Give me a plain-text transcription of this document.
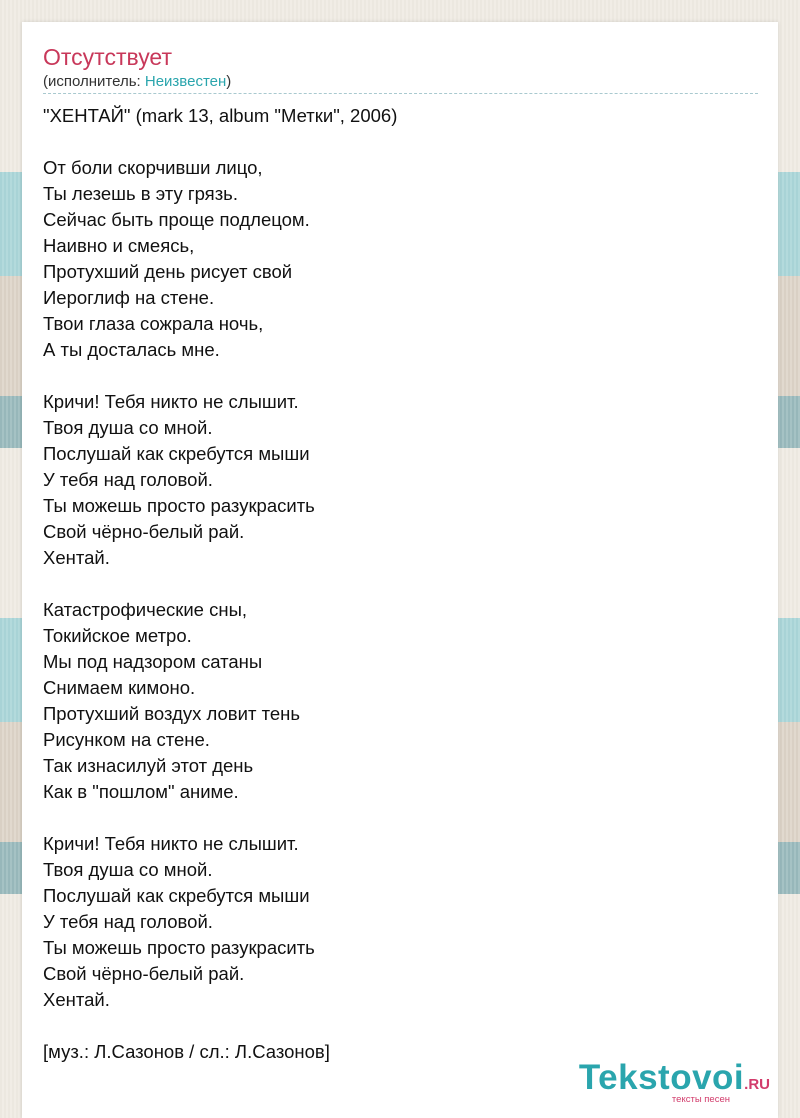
Отсутствует
(исполнитель: Неизвестен)
"ХЕНТАЙ" (mark 13, album "Метки", 2006)
От боли скорчивши лицо,
Ты лезешь в эту грязь.
Сейчас быть проще подлецом.
Наивно и смеясь,
Протухший день рисует свой
Иероглиф на стене.
Твои глаза сожрала ночь,
А ты досталась мне.
Кричи! Тебя никто не слышит.
Твоя душа со мной.
Послушай как скребутся мыши
У тебя над головой.
Ты можешь просто разукрасить
Свой чёрно-белый рай.
Хентай.
Катастрофические сны,
Токийское метро.
Мы под надзором сатаны
Снимаем кимоно.
Протухший воздух ловит тень
Рисунком на стене.
Так изнасилуй этот день
Как в "пошлом" аниме.
Кричи! Тебя никто не слышит.
Твоя душа со мной.
Послушай как скребутся мыши
У тебя над головой.
Ты можешь просто разукрасить
Свой чёрно-белый рай.
Хентай.
[муз.: Л.Сазонов / сл.: Л.Сазонов]
Tekstovoi.RU
тексты песен
